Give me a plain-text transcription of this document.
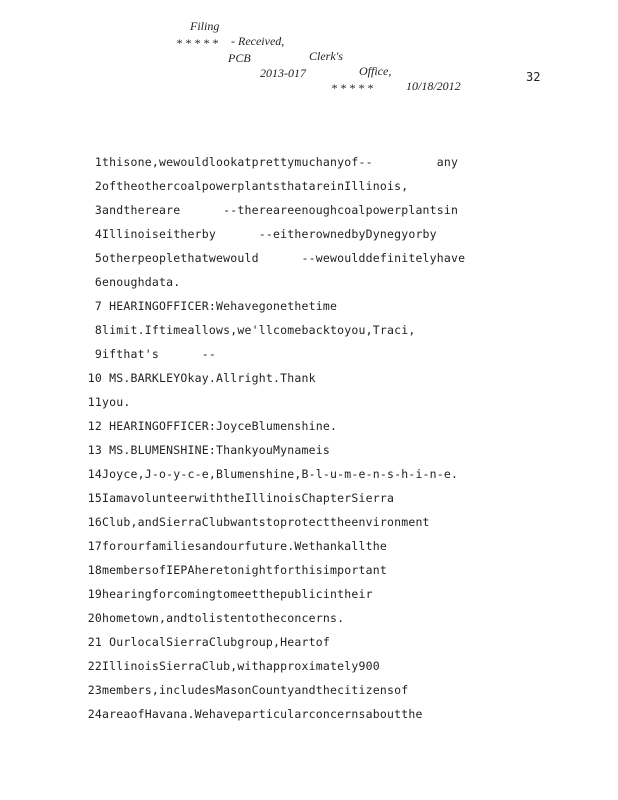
Filing

- Received,

Clerk's

Office,

10/18/2012

* * * * *

PCB

2013-017

* * * * *

32
1 thisone,wewouldlookatprettymuchanyof--         any
2 oftheothercoalpowerplantsthatareinIllinois,
3 andthereare      --thereareenoughcoalpowerplantsin
4 Illinoiseitherby      --eitherownedbyDynegyorby
5 otherpeoplethatwewould      --wewoulddefinitelyhave
6 enoughdata.
7 HEARINGOFFICER:Wehavegonethetime
8 limit.Iftimeallows,we'llcomebacktoyou,Traci,
9 ifthat's      --
10 MS.BARKLEYOkay.Allright.Thank
11 you.
12 HEARINGOFFICER:JoyceBlumenshine.
13 MS.BLUMENSHINE:ThankyouMynameis
14 Joyce,J-o-y-c-e,Blumenshine,B-l-u-m-e-n-s-h-i-n-e.
15 IamavolunteerwiththeIllinoisChapterSierra
16 Club,andSierraClubwantstoprotecttheenvironment
17 forourfamiliesandourfuture.Wethankallthe
18 membersofIEPAheretonightforthisimportant
19 hearingforcomingtomeetthepublicintheir
20 hometown,andtolistentotheconcerns.
21 OurlocalSierraClubgroup,Heartof
22 IllinoisSierraClub,withapproximately900
23 members,includesMasonCountyandthecitizensof
24 areaofHavana.Wehaveparticularconcernsaboutthe
